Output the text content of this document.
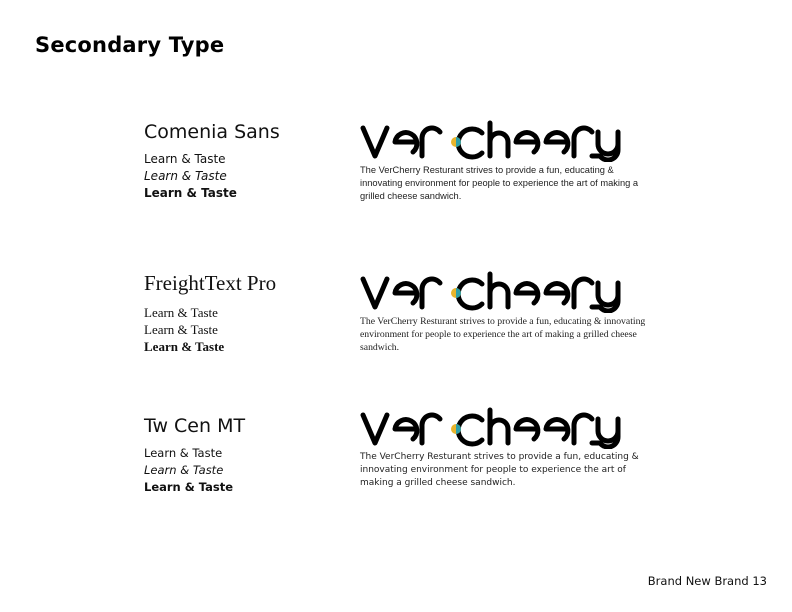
Secondary Type
Comenia Sans
Learn & Taste
Learn & Taste
Learn & Taste
The VerCherry Resturant strives to provide a fun, educating & innovating environment for people to experience the art of making a grilled cheese sandwich.
FreightText Pro
Learn & Taste
Learn & Taste
Learn & Taste
The VerCherry Resturant strives to provide a fun, educating & innovating environment for people to experience the art of making a grilled cheese sandwich.
Tw Cen MT
Learn & Taste
Learn & Taste
Learn & Taste
The VerCherry Resturant strives to provide a fun, educating & innovating environment for people to experience the art of making a grilled cheese sandwich.
Brand New Brand 13
